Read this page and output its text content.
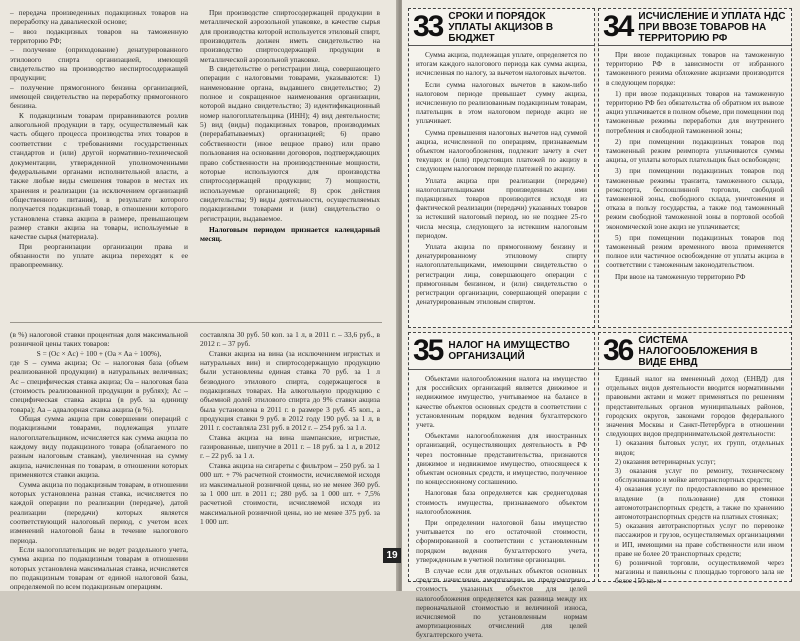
– передача произведенных подакцизных товаров на переработку на давальческой основе;

– ввоз подакцизных товаров на таможенную территорию РФ;

– получение (оприходование) денатурированного этилового спирта организацией, имеющей свидетельство на производство неспиртосодержащей продукции;

– получение прямогонного бензина организацией, имеющей свидетельство на переработку прямогонного бензина.

К подакцизным товарам приравниваются розлив алкогольной продукции в тару, осуществляемый как часть общего процесса производства этих товаров в соответствии с требованиями государственных стандартов и (или) другой нормативно-технической документации, утвержденной уполномоченными федеральными органами исполнительной власти, а также любые виды смешения товаров в местах их хранения и реализации (за исключением организаций общественного питания), в результате которого получается подакцизный товар, в отношении которого установлена ставка акциза в размере, превышающем размер ставки акциза на товары, используемые в качестве сырья (материала).

При реорганизации организации права и обязанности по уплате акциза переходят к ее правопреемнику.

При производстве спиртосодержащей продукции в металлической аэрозольной упаковке, в качестве сырья для производства которой используется этиловый спирт, производитель должен иметь свидетельство на производство спиртосодержащей продукции в металлической аэрозольной упаковке.

В свидетельстве о регистрации лица, совершающего операции с налоговыми товарами, указываются: 1) наименование органа, выдавшего свидетельство; 2) полное и сокращенное наименования организации, которой выдано свидетельство; 3) идентификационный номер налогоплательщика (ИНН); 4) вид деятельности; 5) вид (виды) подакцизных товаров, производимых (перерабатываемых) организацией; 6) право собственности (иное вещное право) или право пользования на основании договоров, подтверждающих право собственности на производственные мощности, которые используются для производства спиртосодержащей продукции; 7) мощности, используемые организацией; 8) срок действия свидетельства; 9) виды деятельности, осуществляемых подакцизными товарами и (или) свидетельство о регистрации, выдаваемое.

Налоговым периодом признается календарный месяц.

(в %) налоговой ставки процентная доля максимальной розничной цены таких товаров:

S = (Oc × Ac) ÷ 100 + (Oa × Aa ÷ 100%),

где S – сумма акциза; Oc – налоговая база (объем реализованной продукции) в натуральных величинах; Ac – специфическая ставка акциза; Oa – налоговая база (стоимость реализованной продукции в рублях); Ac – специфическая ставка акциза (в руб. за единицу товара); Aa – адвалорная ставка акциза (в %).

Общая сумма акциза при совершении операций с подакцизными товарами, подлежащая уплате налогоплательщиком, исчисляется как сумма акциза по каждому виду подакцизного товара (облагаемого по разным налоговым ставкам), увеличенная на сумму акциза, начисленная по товарам, в отношении которых применяются ставки акциза.

Сумма акциза по подакцизным товарам, в отношении которых установлена разная ставка, исчисляется по каждой операции по реализации (передаче), датой реализации (передачи) которых является соответствующий налоговый период, с учетом всех изменений налоговой базы в течение налогового периода.

Если налогоплательщик не ведет раздельного учета, сумма акциза по подакцизным товарам в отношении которых установлена максимальная ставка, исчисляется по подакцизным товарам от единой налоговой базы, определяемой по всем подакцизным операциям.

составляла 30 руб. 50 коп. за 1 л, в 2011 г. – 33,6 руб., в 2012 г. – 37 руб.

Ставки акциза на вина (за исключением игристых и натуральных вин) и спиртосодержащую продукцию были установлены единая ставка 70 руб. за 1 л безводного этилового спирта, содержащегося в подакцизных товарах. На алкогольную продукцию с объемной долей этилового спирта до 9% ставки акциза была установлена в 2011 г. в размере 3 руб. 45 коп., а продукция ставки 9 руб. в 2012 году 190 руб. за 1 л, в 2011 г. составляла 231 руб. в 2012 г. – 254 руб. за 1 л.

Ставка акциза на вина шампанские, игристые, газированные, шипучие в 2011 г. – 18 руб. за 1 л, в 2012 г. – 22 руб. за 1 л.

Ставка акциза на сигареты с фильтром – 250 руб. за 1 000 шт. + 7% расчетной стоимости, исчисляемой исходя из максимальной розничной цены, но не менее 360 руб. за 1 000 шт. в 2011 г.; 280 руб. за 1 000 шт. + 7,5% расчетной стоимости, исчисляемой исходя из максимальной розничной цены, но не менее 375 руб. за 1 000 шт.

33 СРОКИ И ПОРЯДОК УПЛАТЫ АКЦИЗОВ В БЮДЖЕТ

Сумма акциза, подлежащая уплате, определяется по итогам каждого налогового периода как сумма акциза, исчисленная по налогу, за вычетом налоговых вычетов.

Если сумма налоговых вычетов в каком-либо налоговом периоде превышает сумму акциза, исчисленную по реализованным подакцизным товарам, плательщик в этом налоговом периоде акциз не уплачивает.

Сумма превышения налоговых вычетов над суммой акциза, исчисленной по операциям, признаваемым объектом налогообложения, подлежит зачету в счет текущих и (или) предстоящих платежей по акцизу в следующем налоговом периоде платежей по акцизу.

Уплата акциза при реализации (передаче) налогоплательщиками произведенных ими подакцизных товаров производится исходя из фактической реализации (передачи) указанных товаров за истекший налоговый период, но не позднее 25-го числа месяца, следующего за истекшим налоговым периодом.

Уплата акциза по прямогонному бензину и денатурированному этиловому спирту налогоплательщиками, имеющими свидетельство о регистрации лица, совершающего операции с прямогонным бензином, и (или) свидетельство о регистрации организации, совершающей операции с денатурированным этиловым спиртом.

34 ИСЧИСЛЕНИЕ И УПЛАТА НДС ПРИ ВВОЗЕ ТОВАРОВ НА ТЕРРИТОРИЮ РФ

При ввозе подакцизных товаров на таможенную территорию РФ в зависимости от избранного таможенного режима обложение акцизами производится в следующем порядке:

1) при ввозе подакцизных товаров на таможенную территорию РФ без обязательства об обратном их вывозе акциз уплачивается в полном объеме, при помещении под таможенные режимы переработки для внутреннего потребления и свободной таможенной зоны;

2) при помещении подакцизных товаров под таможенный режим реимпорта уплачиваются суммы акциза, от уплаты которых плательщик был освобожден;

3) при помещении подакцизных товаров под таможенные режимы транзита, таможенного склада, реэкспорта, беспошлинной торговли, свободной таможенной зоны, свободного склада, уничтожения и отказа в пользу государства, а также под таможенный режим свободной таможенной зоны в портовой особой экономической зоне акциз не уплачивается;

5) при помещении подакцизных товаров под таможенный режим временного ввоза применяется полное или частичное освобождение от уплаты акциза в соответствии с таможенным законодательством.

При ввозе на таможенную территорию РФ

35 НАЛОГ НА ИМУЩЕСТВО ОРГАНИЗАЦИЙ

Объектами налогообложения налога на имущество для российских организаций является движимое и недвижимое имущество, учитываемое на балансе в качестве объектов основных средств в соответствии с установленным порядком ведения бухгалтерского учета.

Объектами налогообложения для иностранных организаций, осуществляющих деятельность в РФ через постоянные представительства, признаются движимое и недвижимое имущество, относящееся к объектам основных средств, и имущество, полученное по концессионному соглашению.

Налоговая база определяется как среднегодовая стоимость имущества, признаваемого объектом налогообложения.

При определении налоговой базы имущество учитывается по его остаточной стоимости, сформированной в соответствии с установленным порядком ведения бухгалтерского учета, утвержденным в учетной политике организации.

В случае если для отдельных объектов основных средств начисление амортизации не предусмотрено, стоимость указанных объектов для целей налогообложения определяется как разница между их первоначальной стоимостью и величиной износа, исчисляемой по установленным нормам амортизационных отчислений для целей бухгалтерского учета.

36 СИСТЕМА НАЛОГООБЛОЖЕНИЯ В ВИДЕ ЕНВД

Единый налог на вмененный доход (ЕНВД) для отдельных видов деятельности вводится нормативными правовыми актами и может применяться по решениям представительных органов муниципальных районов, городских округов, законами городов федерального значения Москвы и Санкт-Петербурга в отношении следующих видов предпринимательской деятельности:

1) оказания бытовых услуг, их групп, отдельных видов;

2) оказания ветеринарных услуг;

3) оказания услуг по ремонту, техническому обслуживанию и мойке автотранспортных средств;

4) оказания услуг по предоставлению во временное владение (в пользование) для стоянки автомототранспортных средств, а также по хранению автомототранспортных средств на платных стоянках;

5) оказания автотранспортных услуг по перевозке пассажиров и грузов, осуществляемых организациями и ИП, имеющими на праве собственности или ином праве не более 20 транспортных средств;

6) розничной торговли, осуществляемой через магазины и павильоны с площадью торгового зала не более 150 кв. м

19
